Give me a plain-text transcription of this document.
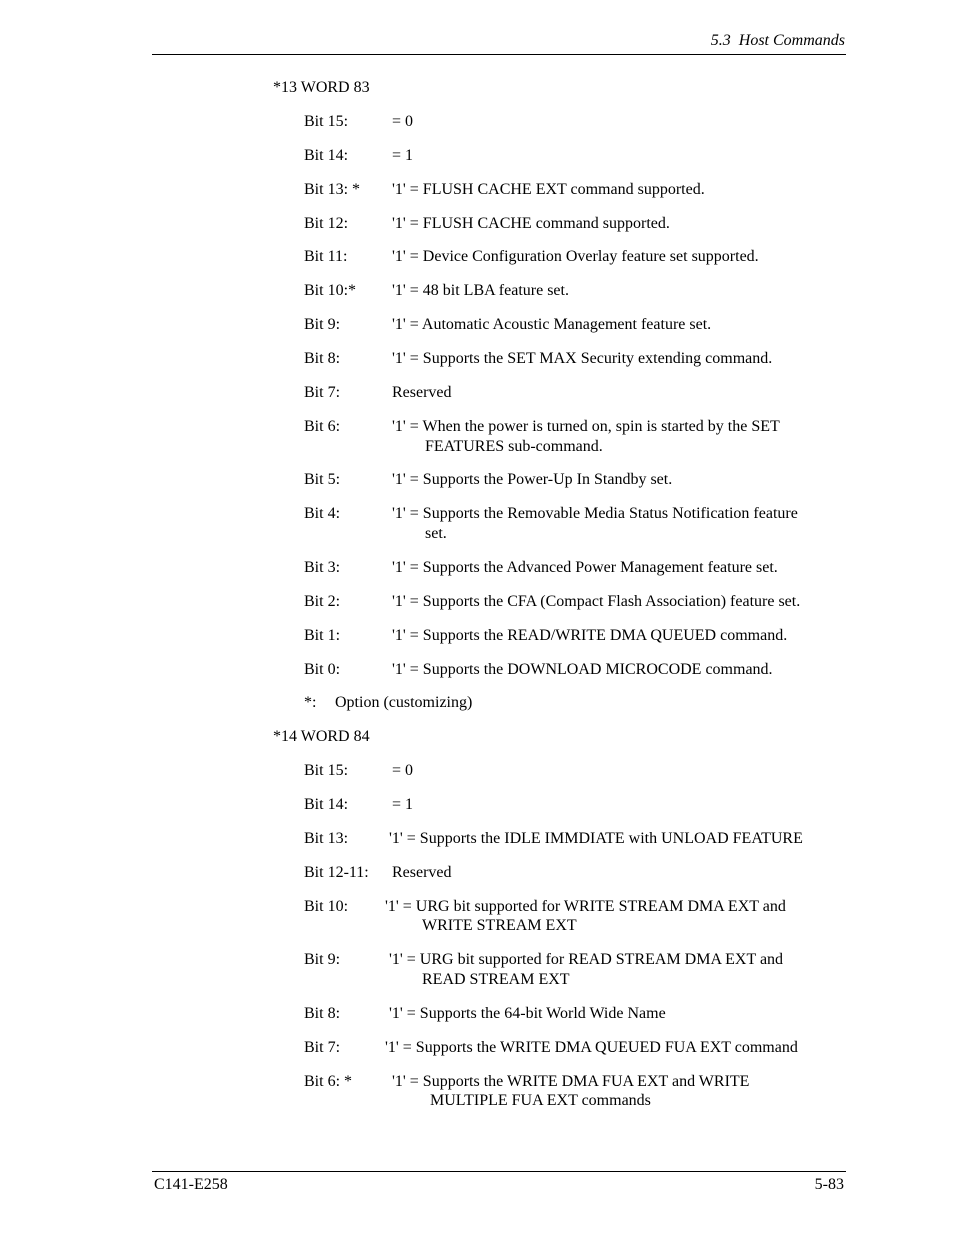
5.3  Host Commands
*13 WORD 83
Bit 15:	= 0
Bit 14:	= 1
Bit 13: * '1' = FLUSH CACHE EXT command supported.
Bit 12:	'1' = FLUSH CACHE command supported.
Bit 11:	'1' = Device Configuration Overlay feature set supported.
Bit 10:* '1' = 48 bit LBA feature set.
Bit 9:	'1' = Automatic Acoustic Management feature set.
Bit 8:	'1' = Supports the SET MAX Security extending command.
Bit 7:	Reserved
Bit 6:	'1' = When the power is turned on, spin is started by the SET
FEATURES sub-command.
Bit 5:	'1' = Supports the Power-Up In Standby set.
Bit 4:	'1' = Supports the Removable Media Status Notification feature
set.
Bit 3:	'1' = Supports the Advanced Power Management feature set.
Bit 2:	'1' = Supports the CFA (Compact Flash Association) feature set.
Bit 1:	'1' = Supports the READ/WRITE DMA QUEUED command.
Bit 0:	'1' = Supports the DOWNLOAD MICROCODE command.
*: Option (customizing)
*14 WORD 84
Bit 15:	= 0
Bit 14:	= 1
Bit 13:	'1' = Supports the IDLE IMMDIATE with UNLOAD FEATURE
Bit 12-11: Reserved
Bit 10: '1' = URG bit supported for WRITE STREAM DMA EXT and
WRITE STREAM EXT
Bit 9:	'1' = URG bit supported for READ STREAM DMA EXT and
READ STREAM EXT
Bit 8:	'1' = Supports the 64-bit World Wide Name
Bit 7:	'1' = Supports the WRITE DMA QUEUED FUA EXT command
Bit 6: * '1' = Supports the WRITE DMA FUA EXT and WRITE
MULTIPLE FUA EXT commands
C141-E258	5-83
